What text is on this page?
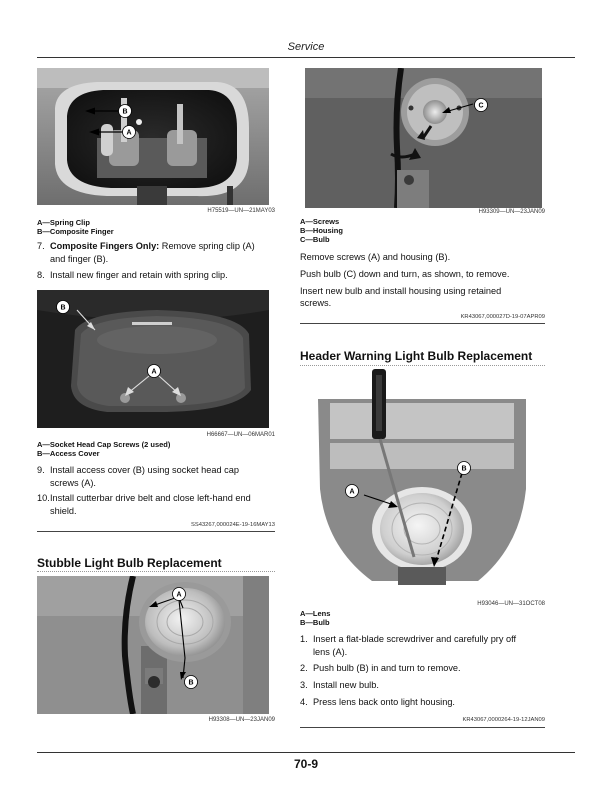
Service
B
A
H75519—UN—21MAY03
A—Spring Clip
B—Composite Finger
7. Composite Fingers Only: Remove spring clip (A)
and finger (B).
8. Install new finger and retain with spring clip.
B
A
H66667—UN—06MAR01
A—Socket Head Cap Screws (2 used)
B—Access Cover
9. Install access cover (B) using socket head cap
screws (A).
10. Install cutterbar drive belt and close left-hand end
shield.
SS43267,000024E-19-16MAY13
Stubble Light Bulb Replacement
A
B
H93308—UN—23JAN09
C
H93309—UN—23JAN09
A—Screws
B—Housing
C—Bulb
Remove screws (A) and housing (B).
Push bulb (C) down and turn, as shown, to remove.
Insert new bulb and install housing using retained
screws.
KR43067,000027D-19-07APR09
Header Warning Light Bulb Replacement
A
B
H93046—UN—31OCT08
A—Lens
B—Bulb
1. Insert a flat-blade screwdriver and carefully pry off
lens (A).
2. Push bulb (B) in and turn to remove.
3. Install new bulb.
4. Press lens back onto light housing.
KR43067,0000264-19-12JAN09
70-9
